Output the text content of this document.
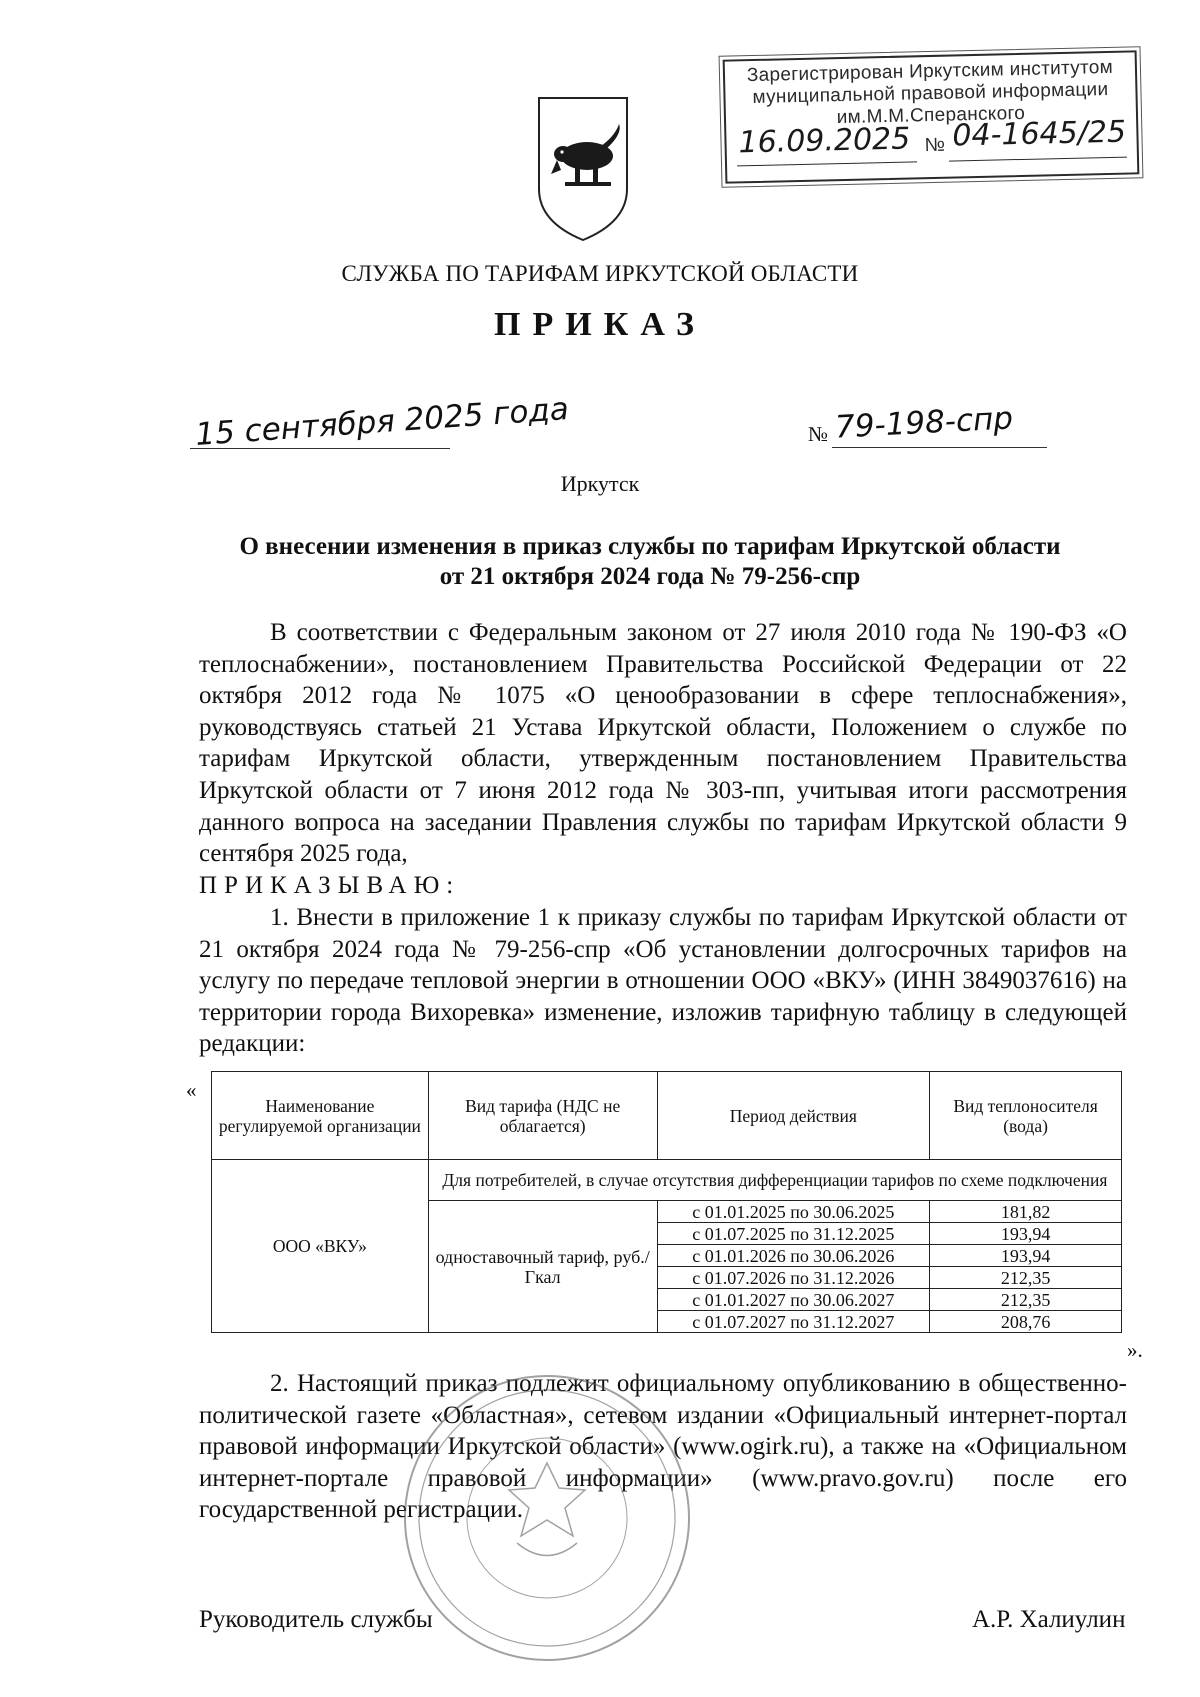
Зарегистрирован Иркутским институтом
муниципальной правовой информации
им.М.М.Сперанского
16.09.2025 № 04-1645/25
СЛУЖБА ПО ТАРИФАМ ИРКУТСКОЙ ОБЛАСТИ
ПРИКАЗ
15 сентября 2025 года	№ 79-198-спр
Иркутск
О внесении изменения в приказ службы по тарифам Иркутской области
от 21 октября 2024 года № 79-256-спр
В соответствии с Федеральным законом от 27 июля 2010 года № 190-ФЗ «О теплоснабжении», постановлением Правительства Российской Федерации от 22 октября 2012 года № 1075 «О ценообразовании в сфере теплоснабжения», руководствуясь статьей 21 Устава Иркутской области, Положением о службе по тарифам Иркутской области, утвержденным постановлением Правительства Иркутской области от 7 июня 2012 года № 303-пп, учитывая итоги рассмотрения данного вопроса на заседании Правления службы по тарифам Иркутской области 9 сентября 2025 года,
ПРИКАЗЫВАЮ:
1. Внести в приложение 1 к приказу службы по тарифам Иркутской области от 21 октября 2024 года № 79-256-спр «Об установлении долгосрочных тарифов на услугу по передаче тепловой энергии в отношении ООО «ВКУ» (ИНН 3849037616) на территории города Вихоревка» изменение, изложив тарифную таблицу в следующей редакции:
«
Наименование регулируемой организации	Вид тарифа (НДС не облагается)	Период действия	Вид теплоносителя (вода)
ООО «ВКУ»	Для потребителей, в случае отсутствия дифференциации тарифов по схеме подключения		
	одноставочный тариф, руб./Гкал	с 01.01.2025 по 30.06.2025	181,82
		с 01.07.2025 по 31.12.2025	193,94
		с 01.01.2026 по 30.06.2026	193,94
		с 01.07.2026 по 31.12.2026	212,35
		с 01.01.2027 по 30.06.2027	212,35
		с 01.07.2027 по 31.12.2027	208,76
».
2. Настоящий приказ подлежит официальному опубликованию в общественно-политической газете «Областная», сетевом издании «Официальный интернет-портал правовой информации Иркутской области» (www.ogirk.ru), а также на «Официальном интернет-портале правовой информации» (www.pravo.gov.ru) после его государственной регистрации.
Руководитель службы	А.Р. Халиулин
